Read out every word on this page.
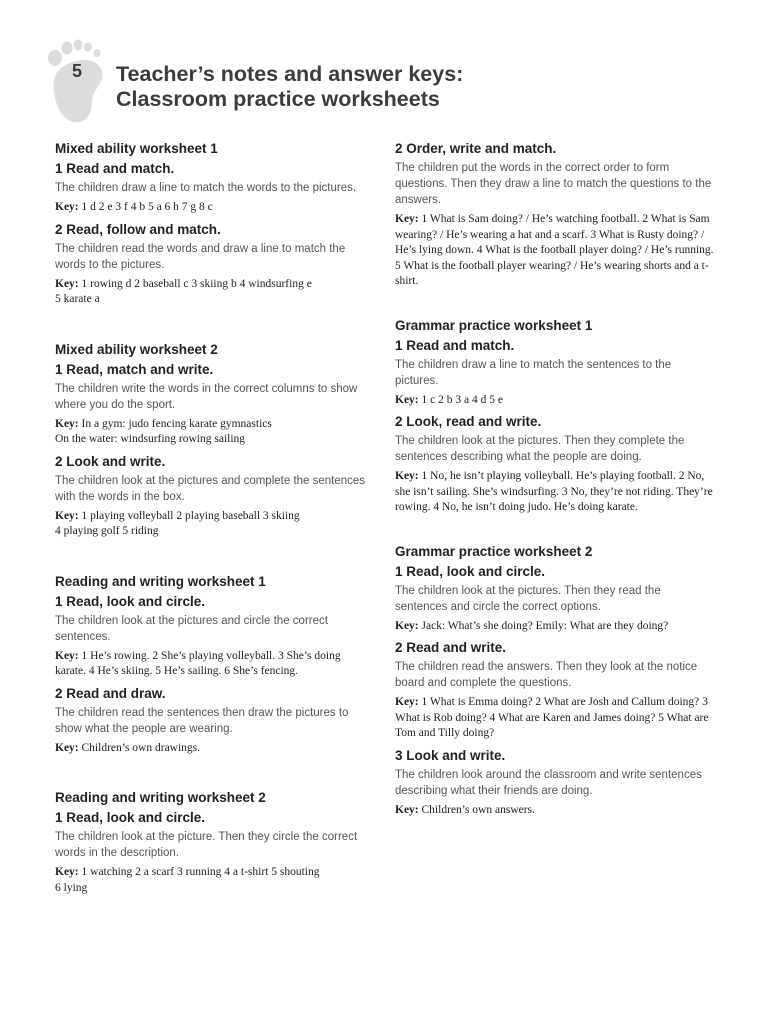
5 Teacher’s notes and answer keys:
Classroom practice worksheets
Mixed ability worksheet 1
1 Read and match.

The children draw a line to match the words to the pictures.

Key: 1 d 2 e 3 f 4 b 5 a 6 h 7 g 8 c

2 Read, follow and match.

The children read the words and draw a line to match the words to the pictures.

Key: 1 rowing d 2 baseball c 3 skiing b 4 windsurfing e
5 karate a

Mixed ability worksheet 2
1 Read, match and write.

The children write the words in the correct columns to show where you do the sport.

Key: In a gym: judo fencing karate gymnastics
On the water: windsurfing rowing sailing

2 Look and write.

The children look at the pictures and complete the sentences with the words in the box.

Key: 1 playing volleyball 2 playing baseball 3 skiing
4 playing golf 5 riding

Reading and writing worksheet 1
1 Read, look and circle.

The children look at the pictures and circle the correct sentences.

Key: 1 He’s rowing. 2 She’s playing volleyball. 3 She’s doing karate. 4 He’s skiing. 5 He’s sailing. 6 She’s fencing.

2 Read and draw.

The children read the sentences then draw the pictures to show what the people are wearing.

Key: Children’s own drawings.

Reading and writing worksheet 2
1 Read, look and circle.

The children look at the picture. Then they circle the correct words in the description.

Key: 1 watching 2 a scarf 3 running 4 a t-shirt 5 shouting
6 lying

2 Order, write and match.

The children put the words in the correct order to form questions. Then they draw a line to match the questions to the answers.

Key: 1 What is Sam doing? / He’s watching football. 2 What is Sam wearing? / He’s wearing a hat and a scarf. 3 What is Rusty doing? / He’s lying down. 4 What is the football player doing? / He’s running. 5 What is the football player wearing? / He’s wearing shorts and a t-shirt.

Grammar practice worksheet 1
1 Read and match.

The children draw a line to match the sentences to the pictures.

Key: 1 c 2 b 3 a 4 d 5 e

2 Look, read and write.

The children look at the pictures. Then they complete the sentences describing what the people are doing.

Key: 1 No, he isn’t playing volleyball. He’s playing football. 2 No, she isn’t sailing. She’s windsurfing. 3 No, they’re not riding. They’re rowing. 4 No, he isn’t doing judo. He’s doing karate.

Grammar practice worksheet 2
1 Read, look and circle.

The children look at the pictures. Then they read the sentences and circle the correct options.

Key: Jack: What’s she doing? Emily: What are they doing?

2 Read and write.

The children read the answers. Then they look at the notice board and complete the questions.

Key: 1 What is Emma doing? 2 What are Josh and Callum doing? 3 What is Rob doing? 4 What are Karen and James doing? 5 What are Tom and Tilly doing?

3 Look and write.

The children look around the classroom and write sentences describing what their friends are doing.

Key: Children’s own answers.
